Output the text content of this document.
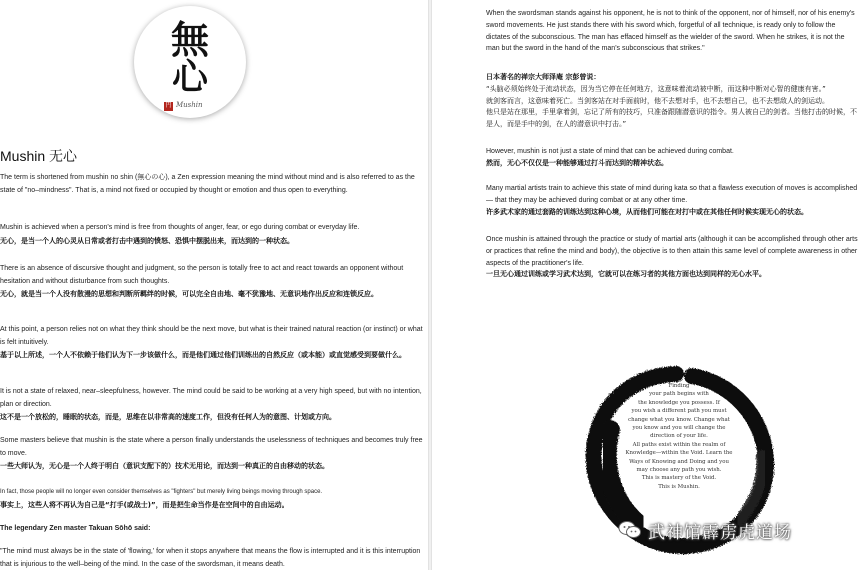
無
心
円 Mushin
Mushin 无心
The term is shortened from mushin no shin (無心の心), a Zen expression meaning the mind without mind and is also referred to as the state of "no–mindness". That is, a mind not fixed or occupied by thought or emotion and thus open to everything.
Mushin is achieved when a person's mind is free from thoughts of anger, fear, or ego during combat or everyday life.
无心，是当一个人的心灵从日常或者打击中遇到的愤怒、恐惧中摆脱出来，而达到的一种状态。
There is an absence of discursive thought and judgment, so the person is totally free to act and react towards an opponent without hesitation and without disturbance from such thoughts.
无心，就是当一个人没有散漫的思想和判断所羁绊的时候，可以完全自由地、毫不犹豫地、无意识地作出反应和连锁反应。
At this point, a person relies not on what they think should be the next move, but what is their trained natural reaction (or instinct) or what is felt intuitively.
基于以上所述，一个人不依赖于他们认为下一步该做什么，而是他们通过他们训练出的自然反应（或本能）或直觉感受到要做什么。
It is not a state of relaxed, near–sleepfulness, however. The mind could be said to be working at a very high speed, but with no intention, plan or direction.
这不是一个放松的，睡眠的状态，而是，思维在以非常高的速度工作，但没有任何人为的意图、计划或方向。
Some masters believe that mushin is the state where a person finally understands the uselessness of techniques and becomes truly free to move.
一些大师认为，无心是一个人终于明白（意识支配下的）技术无用论，而达到一种真正的自由移动的状态。
In fact, those people will no longer even consider themselves as "fighters" but merely living beings moving through space.
事实上，这些人将不再认为自己是“打手(或战士)”，而是把生命当作是在空间中的自由运动。
The legendary Zen master Takuan Sōhō said:
"The mind must always be in the state of 'flowing,' for when it stops anywhere that means the flow is interrupted and it is this interruption that is injurious to the well–being of the mind. In the case of the swordsman, it means death.
When the swordsman stands against his opponent, he is not to think of the opponent, nor of himself, nor of his enemy's sword movements. He just stands there with his sword which, forgetful of all technique, is ready only to follow the dictates of the subconscious. The man has effaced himself as the wielder of the sword. When he strikes, it is not the man but the sword in the hand of the man's subconscious that strikes."
日本著名的禅宗大师泽庵 宗彭曾说：
“头脑必须始终处于流动状态，因为当它停在任何地方，这意味着流动被中断，而这种中断对心智的健康有害。”
就剑客而言，这意味着死亡。当剑客站在对手面前时，他不去想对手，也不去想自己，也不去想敌人的剑运动。
他只是站在那里，手里拿着剑，忘记了所有的技巧，只准备跟随潜意识的指令。男人被自己的剑者。当他打击的时候，不是人，而是手中的剑，在人的潜意识中打击。”
However, mushin is not just a state of mind that can be achieved during combat.
然而，无心不仅仅是一种能够通过打斗而达到的精神状态。
Many martial artists train to achieve this state of mind during kata so that a flawless execution of moves is accomplished — that they may be achieved during combat or at any other time.
许多武术家的通过套路的训练达到这种心境，从而他们可能在对打中或在其他任何时候实现无心的状态。
Once mushin is attained through the practice or study of martial arts (although it can be accomplished through other arts or practices that refine the mind and body), the objective is to then attain this same level of complete awareness in other aspects of the practitioner's life.
一旦无心通过训练或学习武术达到，它就可以在练习者的其他方面也达到同样的无心水平。
Finding
your path begins with
the knowledge you possess. If
you wish a different path you must
change what you know. Change what
you know and you will change the
direction of your life.
All paths exist within the realm of
Knowledge—within the Void. Learn the
Ways of Knowing and Doing and you
may choose any path you wish.
This is mastery of the Void.
This is Mushin.
武神馆霹雳虎道场
